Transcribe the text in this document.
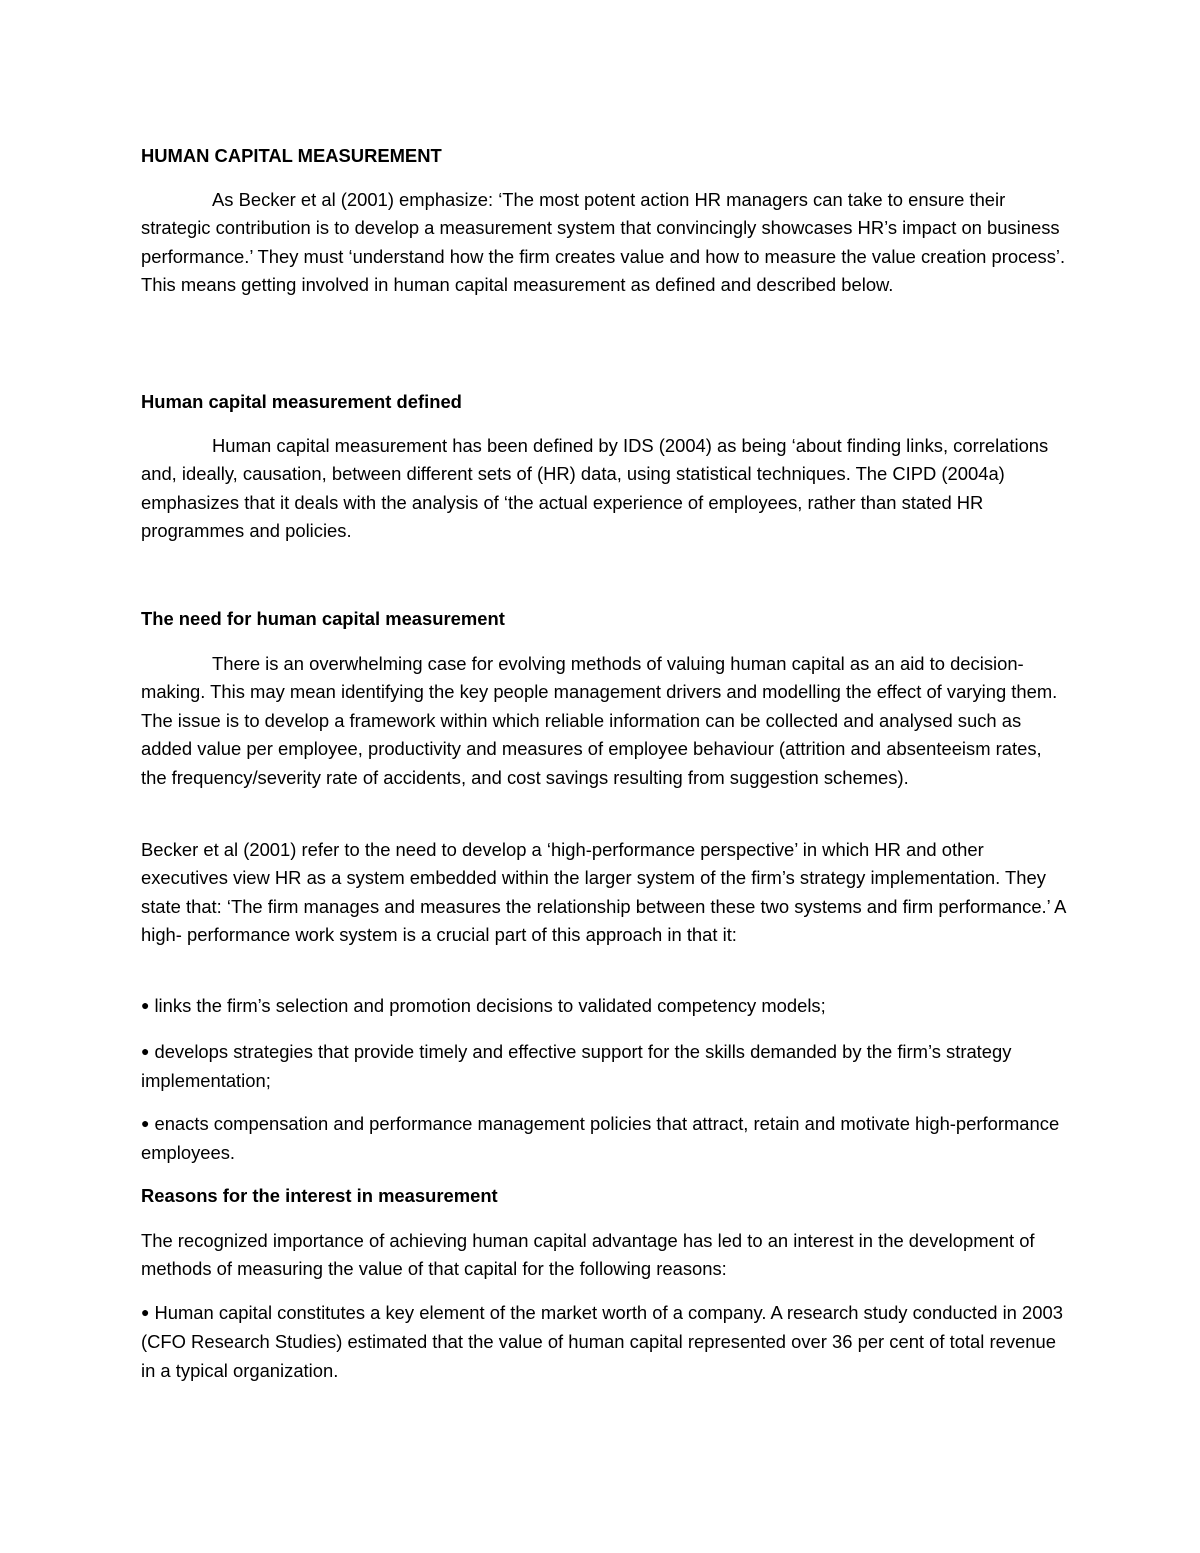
HUMAN CAPITAL MEASUREMENT

As Becker et al (2001) emphasize: ‘The most potent action HR managers can take to ensure their strategic contribution is to develop a measurement system that convincingly showcases HR’s impact on business performance.’ They must ‘understand how the firm creates value and how to measure the value creation process’. This means getting involved in human capital measurement as defined and described below.

Human capital measurement defined

Human capital measurement has been defined by IDS (2004) as being ‘about finding links, correlations and, ideally, causation, between different sets of (HR) data, using statistical techniques. The CIPD (2004a) emphasizes that it deals with the analysis of ‘the actual experience of employees, rather than stated HR programmes and policies.

The need for human capital measurement

There is an overwhelming case for evolving methods of valuing human capital as an aid to decision-making. This may mean identifying the key people management drivers and modelling the effect of varying them. The issue is to develop a framework within which reliable information can be collected and analysed such as added value per employee, productivity and measures of employee behaviour (attrition and absenteeism rates, the frequency/severity rate of accidents, and cost savings resulting from suggestion schemes).

Becker et al (2001) refer to the need to develop a ‘high-performance perspective’ in which HR and other executives view HR as a system embedded within the larger system of the firm’s strategy implementation. They state that: ‘The firm manages and measures the relationship between these two systems and firm performance.’ A high- performance work system is a crucial part of this approach in that it:

● links the firm’s selection and promotion decisions to validated competency models;

● develops strategies that provide timely and effective support for the skills demanded by the firm’s strategy implementation;

● enacts compensation and performance management policies that attract, retain and motivate high-performance employees.

Reasons for the interest in measurement

The recognized importance of achieving human capital advantage has led to an interest in the development of methods of measuring the value of that capital for the following reasons:

● Human capital constitutes a key element of the market worth of a company. A research study conducted in 2003 (CFO Research Studies) estimated that the value of human capital represented over 36 per cent of total revenue in a typical organization.
